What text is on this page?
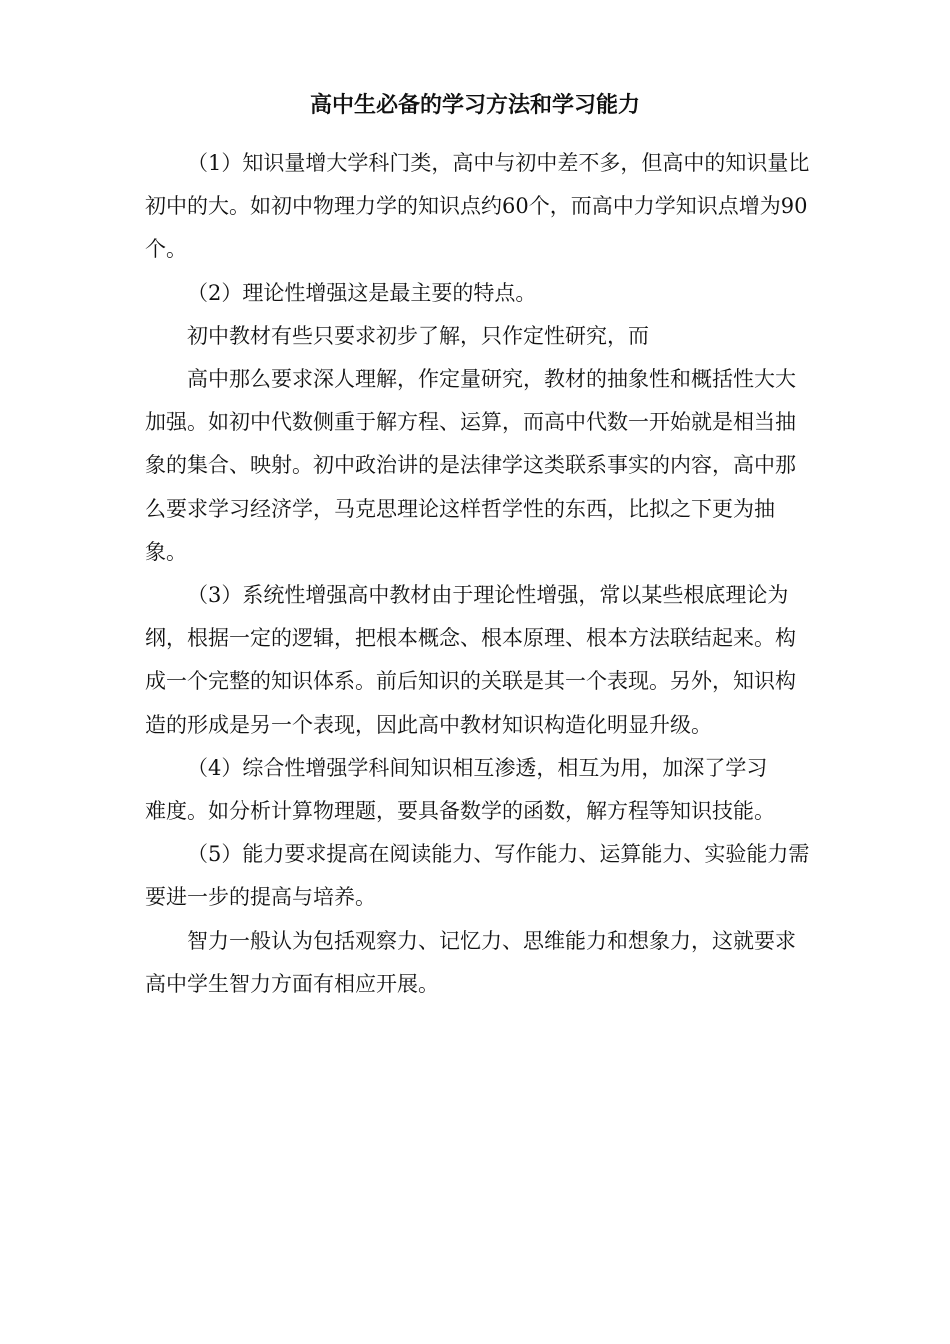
高中生必备的学习方法和学习能力

（1）知识量增大学科门类，高中与初中差不多，但高中的知识量比初中的大。如初中物理力学的知识点约60个，而高中力学知识点增为90个。

（2）理论性增强这是最主要的特点。

初中教材有些只要求初步了解，只作定性研究，而

高中那么要求深人理解，作定量研究，教材的抽象性和概括性大大加强。如初中代数侧重于解方程、运算，而高中代数一开始就是相当抽象的集合、映射。初中政治讲的是法律学这类联系事实的内容，高中那么要求学习经济学，马克思理论这样哲学性的东西，比拟之下更为抽象。

（3）系统性增强高中教材由于理论性增强，常以某些根底理论为纲，根据一定的逻辑，把根本概念、根本原理、根本方法联结起来。构成一个完整的知识体系。前后知识的关联是其一个表现。另外，知识构造的形成是另一个表现，因此高中教材知识构造化明显升级。

（4）综合性增强学科间知识相互渗透，相互为用，加深了学习难度。如分析计算物理题，要具备数学的函数，解方程等知识技能。

（5）能力要求提高在阅读能力、写作能力、运算能力、实验能力需要进一步的提高与培养。

智力一般认为包括观察力、记忆力、思维能力和想象力，这就要求高中学生智力方面有相应开展。
